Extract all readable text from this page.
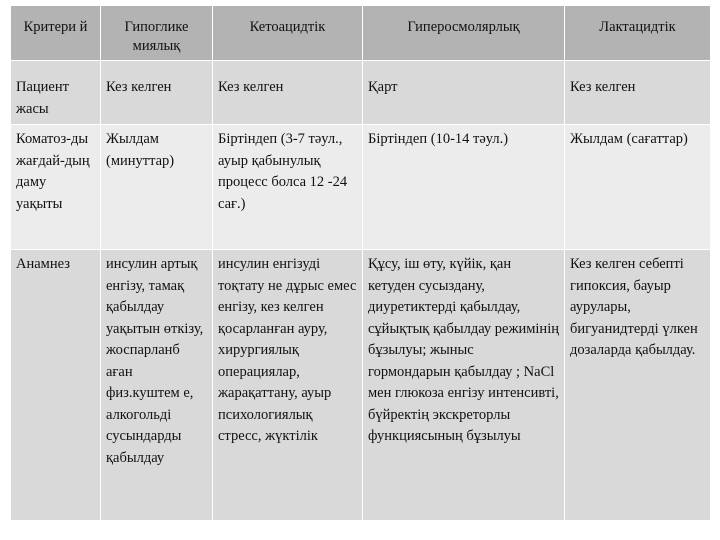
Критери й	Гипоглике миялық	Кетоацидтік	Гиперосмолярлық	Лактацидтік
Пациент жасы	Кез келген	Кез келген	Қарт	Кез келген
Коматоз-ды жағдай-дың даму уақыты	Жылдам (минуттар)	Біртіндеп (3-7 тәул., ауыр қабынулық процесс болса 12 -24 сағ.)	Біртіндеп (10-14 тәул.)	Жылдам (сағаттар)
Анамнез	инсулин артық енгізу, тамақ қабылдау уақытын өткізу, жоспарланб аған физ.куштем е, алкогольді сусындарды қабылдау	инсулин енгізуді тоқтату не дұрыс емес енгізу, кез келген қосарланған ауру, хирургиялық операциялар, жарақаттану, ауыр психологиялық стресс, жүктілік	Құсу, іш өту, күйік, қан кетуден сусыздану, диуретиктерді қабылдау, сұйықтық қабылдау режимінің бұзылуы; жыныс гормондарын қабылдау ; NaCl мен глюкоза енгізу интенсивті, бүйректің экскреторлы функциясының бұзылуы	Кез келген себепті гипоксия, бауыр аурулары, бигуанидтерді үлкен дозаларда қабылдау.
